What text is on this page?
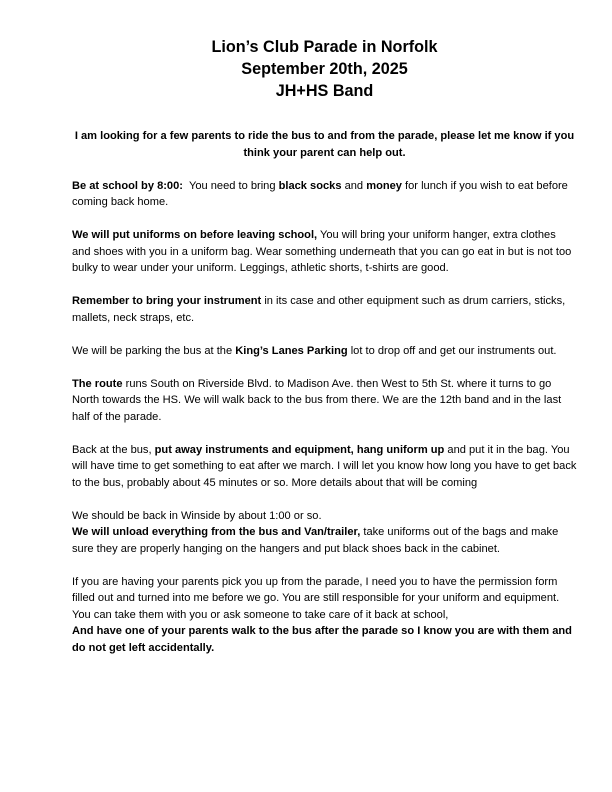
Lion’s Club Parade in Norfolk
September 20th, 2025
JH+HS Band
I am looking for a few parents to ride the bus to and from the parade, please let me know if you think your parent can help out.
Be at school by 8:00:  You need to bring black socks and money for lunch if you wish to eat before coming back home.
We will put uniforms on before leaving school, You will bring your uniform hanger, extra clothes and shoes with you in a uniform bag. Wear something underneath that you can go eat in but is not too bulky to wear under your uniform. Leggings, athletic shorts, t-shirts are good.
Remember to bring your instrument in its case and other equipment such as drum carriers, sticks, mallets, neck straps, etc.
We will be parking the bus at the King’s Lanes Parking lot to drop off and get our instruments out.
The route runs South on Riverside Blvd. to Madison Ave. then West to 5th St. where it turns to go North towards the HS. We will walk back to the bus from there. We are the 12th band and in the last half of the parade.
Back at the bus, put away instruments and equipment, hang uniform up and put it in the bag. You will have time to get something to eat after we march. I will let you know how long you have to get back to the bus, probably about 45 minutes or so. More details about that will be coming
We should be back in Winside by about 1:00 or so.
We will unload everything from the bus and Van/trailer, take uniforms out of the bags and make sure they are properly hanging on the hangers and put black shoes back in the cabinet.
If you are having your parents pick you up from the parade, I need you to have the permission form filled out and turned into me before we go. You are still responsible for your uniform and equipment. You can take them with you or ask someone to take care of it back at school,
And have one of your parents walk to the bus after the parade so I know you are with them and do not get left accidentally.
